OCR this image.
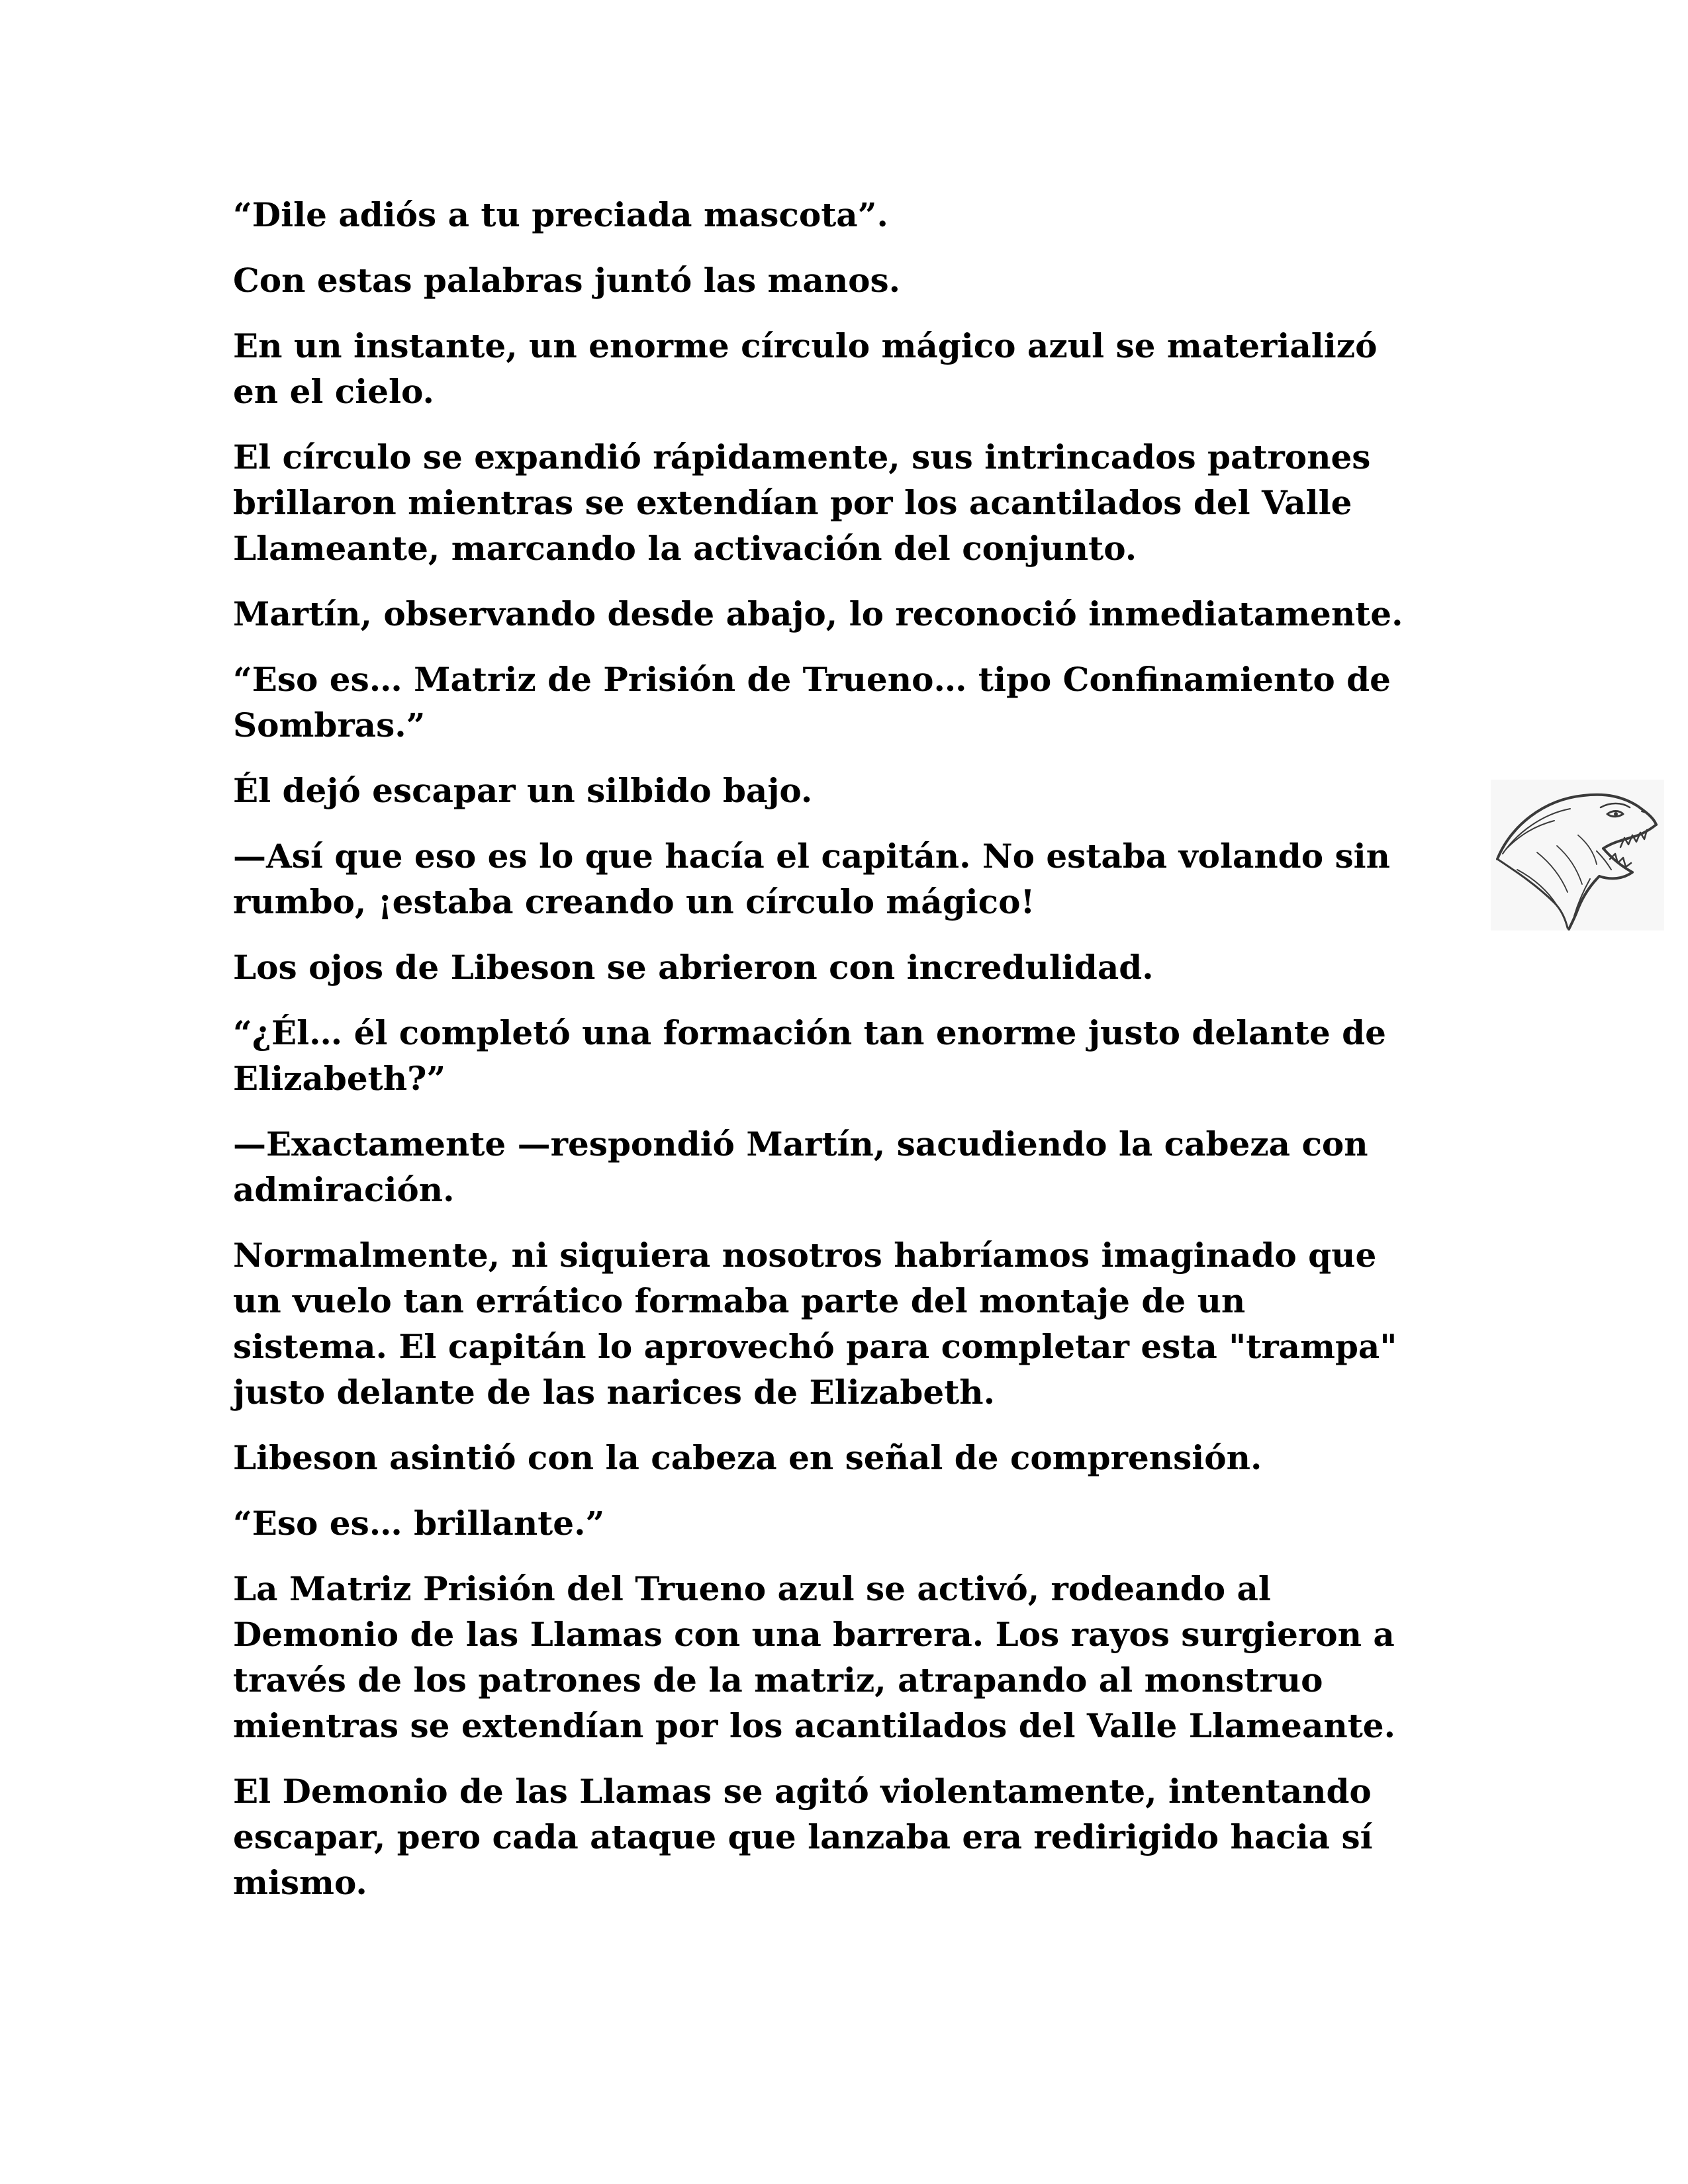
“Dile adiós a tu preciada mascota”.

Con estas palabras juntó las manos.

En un instante, un enorme círculo mágico azul se materializó
en el cielo.

El círculo se expandió rápidamente, sus intrincados patrones
brillaron mientras se extendían por los acantilados del Valle
Llameante, marcando la activación del conjunto.

Martín, observando desde abajo, lo reconoció inmediatamente.

“Eso es… Matriz de Prisión de Trueno… tipo Confinamiento de
Sombras.”

Él dejó escapar un silbido bajo.

—Así que eso es lo que hacía el capitán. No estaba volando sin
rumbo, ¡estaba creando un círculo mágico!

Los ojos de Libeson se abrieron con incredulidad.

“¿Él… él completó una formación tan enorme justo delante de
Elizabeth?”

—Exactamente —respondió Martín, sacudiendo la cabeza con
admiración.

Normalmente, ni siquiera nosotros habríamos imaginado que
un vuelo tan errático formaba parte del montaje de un
sistema. El capitán lo aprovechó para completar esta "trampa"
justo delante de las narices de Elizabeth.

Libeson asintió con la cabeza en señal de comprensión.

“Eso es… brillante.”

La Matriz Prisión del Trueno azul se activó, rodeando al
Demonio de las Llamas con una barrera. Los rayos surgieron a
través de los patrones de la matriz, atrapando al monstruo
mientras se extendían por los acantilados del Valle Llameante.

El Demonio de las Llamas se agitó violentamente, intentando
escapar, pero cada ataque que lanzaba era redirigido hacia sí
mismo.
